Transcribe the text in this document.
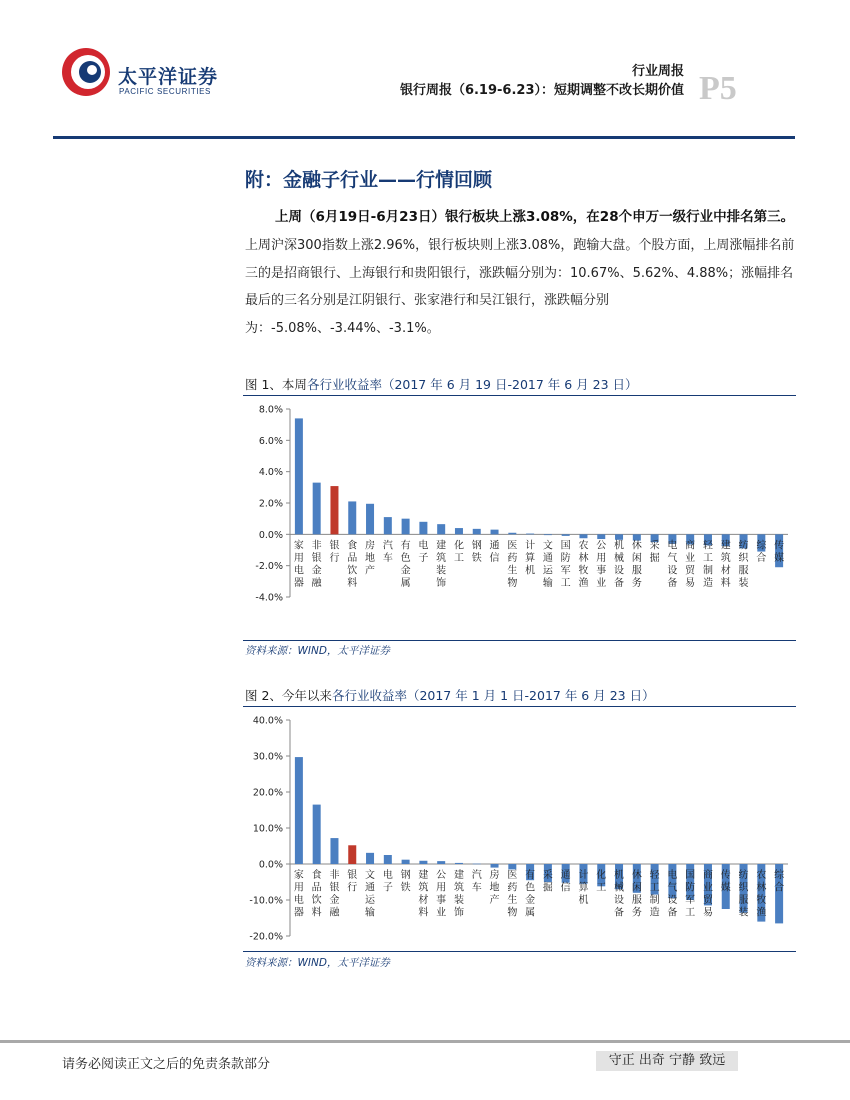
太平洋证券
PACIFIC SECURITIES
行业周报
银行周报（6.19-6.23）：短期调整不改长期价值 P5
附：金融子行业——行情回顾
上周（6月19日-6月23日）银行板块上涨3.08%，在28个申万一级行业中排名第三。
上周沪深300指数上涨2.96%，银行板块则上涨3.08%，跑输大盘。个股方面，上周涨幅排名前三的是招商银行、上海银行和贵阳银行，涨跌幅分别为：10.67%、5.62%、4.88%；涨幅排名最后的三名分别是江阴银行、张家港行和吴江银行，涨跌幅分别为：-5.08%、-3.44%、-3.1%。
图 1、本周各行业收益率（2017 年 6 月 19 日-2017 年 6 月 23 日）
8.0%
6.0%
4.0%
2.0%
0.0%
-2.0%
-4.0%
家用电器
非银金融
银行
食品饮料
房地产
汽车
有色金属
电子
建筑装饰
化工
钢铁
通信
医药生物
计算机
文通运输
国防军工
农林牧渔
公用事业
机械设备
休闲服务
采掘
电气设备
商业贸易
轻工制造
建筑材料
纺织服装
综合
传媒
资料来源：WIND，太平洋证券
图 2、今年以来各行业收益率（2017 年 1 月 1 日-2017 年 6 月 23 日）
40.0%
30.0%
20.0%
10.0%
0.0%
-10.0%
-20.0%
家用电器
食品饮料
非银金融
银行
文通运输
电子
钢铁
建筑材料
公用事业
建筑装饰
汽车
房地产
医药生物
有色金属
采掘
通信
计算机
化工
机械设备
休闲服务
轻工制造
电气设备
国防军工
商业贸易
传媒
纺织服装
农林牧渔
综合
资料来源：WIND，太平洋证券
请务必阅读正文之后的免责条款部分	守正 出奇 宁静 致远
